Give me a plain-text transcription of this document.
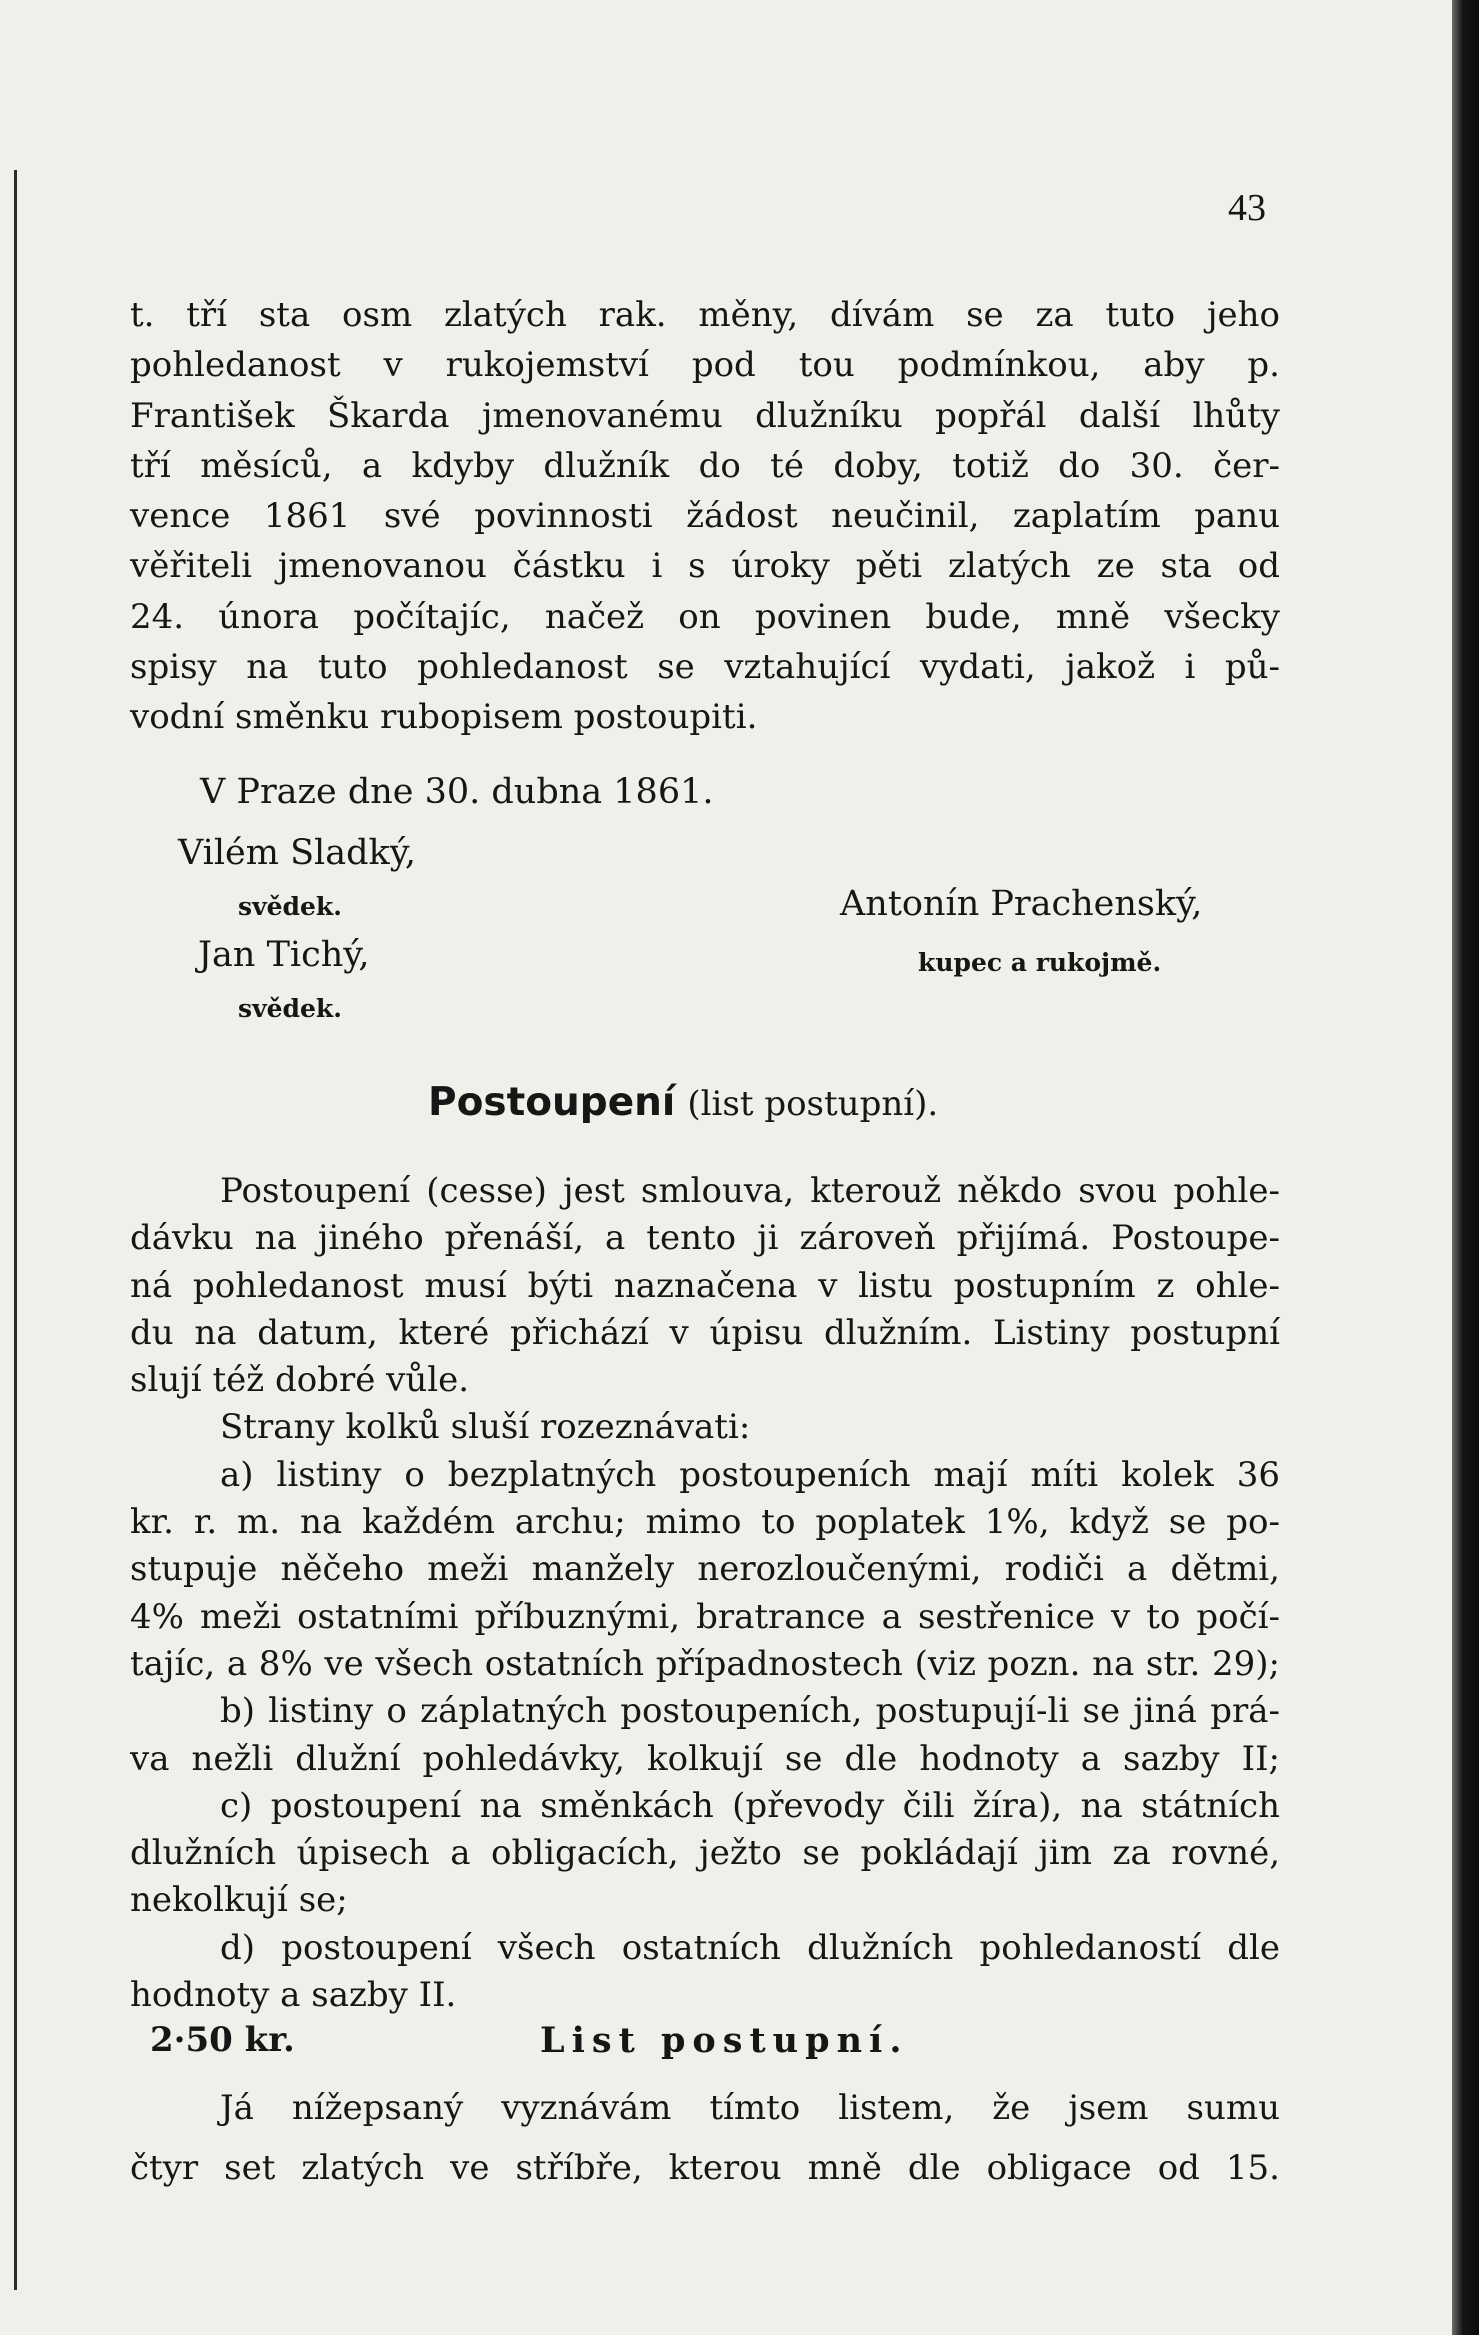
43
t. tří sta osm zlatých rak. měny, dívám se za tuto jeho
pohledanost v rukojemství pod tou podmínkou, aby p.
František Škarda jmenovanému dlužníku popřál další lhůty
tří měsíců, a kdyby dlužník do té doby, totiž do 30. čer-
vence 1861 své povinnosti žádost neučinil, zaplatím panu
věřiteli jmenovanou částku i s úroky pěti zlatých ze sta od
24. února počítajíc, načež on povinen bude, mně všecky
spisy na tuto pohledanost se vztahující vydati, jakož i pů-
vodní směnku rubopisem postoupiti.
V Praze dne 30. dubna 1861.
Vilém Sladký,
svědek.
Jan Tichý,
svědek.
Antonín Prachenský,
kupec a rukojmě.
Postoupení (list postupní).
Postoupení (cesse) jest smlouva, kterouž někdo svou pohle-
dávku na jiného přenáší, a tento ji zároveň přijímá. Postoupe-
ná pohledanost musí býti naznačena v listu postupním z ohle-
du na datum, které přichází v úpisu dlužním. Listiny postupní
slují též dobré vůle.
Strany kolků sluší rozeznávati:
a) listiny o bezplatných postoupeních mají míti kolek 36
kr. r. m. na každém archu; mimo to poplatek 1%, když se po-
stupuje něčeho meži manžely nerozloučenými, rodiči a dětmi,
4% meži ostatními příbuznými, bratrance a sestřenice v to počí-
tajíc, a 8% ve všech ostatních případnostech (viz pozn. na str. 29);
b) listiny o záplatných postoupeních, postupují-li se jiná prá-
va nežli dlužní pohledávky, kolkují se dle hodnoty a sazby II;
c) postoupení na směnkách (převody čili žíra), na státních
dlužních úpisech a obligacích, ježto se pokládají jim za rovné,
nekolkují se;
d) postoupení všech ostatních dlužních pohledaností dle
hodnoty a sazby II.
2·50 kr.	List postupní.
Já nížepsaný vyznávám tímto listem, že jsem sumu
čtyr set zlatých ve stříbře, kterou mně dle obligace od 15.
